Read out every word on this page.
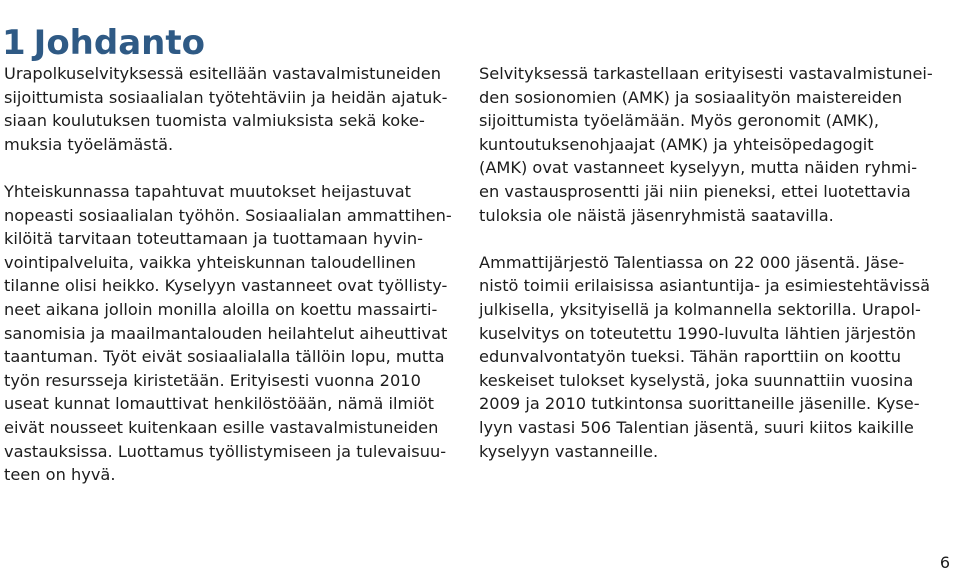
1 Johdanto
Urapolkuselvityksessä esitellään vastavalmistuneiden
sijoittumista sosiaalialan työtehtäviin ja heidän ajatuk-
siaan koulutuksen tuomista valmiuksista sekä koke-
muksia työelämästä.
Yhteiskunnassa tapahtuvat muutokset heijastuvat
nopeasti sosiaalialan työhön. Sosiaalialan ammattihen-
kilöitä tarvitaan toteuttamaan ja tuottamaan hyvin-
vointipalveluita, vaikka yhteiskunnan taloudellinen
tilanne olisi heikko. Kyselyyn vastanneet ovat työllisty-
neet aikana jolloin monilla aloilla on koettu massairti-
sanomisia ja maailmantalouden heilahtelut aiheuttivat
taantuman. Työt eivät sosiaalialalla tällöin lopu, mutta
työn resursseja kiristetään. Erityisesti vuonna 2010
useat kunnat lomauttivat henkilöstöään, nämä ilmiöt
eivät nousseet kuitenkaan esille vastavalmistuneiden
vastauksissa. Luottamus työllistymiseen ja tulevaisuu-
teen on hyvä.
Selvityksessä tarkastellaan erityisesti vastavalmistunei-
den sosionomien (AMK) ja sosiaalityön maistereiden
sijoittumista työelämään. Myös geronomit (AMK),
kuntoutuksenohjaajat (AMK) ja yhteisöpedagogit
(AMK) ovat vastanneet kyselyyn, mutta näiden ryhmi-
en vastausprosentti jäi niin pieneksi, ettei luotettavia
tuloksia ole näistä jäsenryhmistä saatavilla.
Ammattijärjestö Talentiassa on 22 000 jäsentä. Jäse-
nistö toimii erilaisissa asiantuntija- ja esimiestehtävissä
julkisella, yksityisellä ja kolmannella sektorilla. Urapol-
kuselvitys on toteutettu 1990-luvulta lähtien järjestön
edunvalvontatyön tueksi. Tähän raporttiin on koottu
keskeiset tulokset kyselystä, joka suunnattiin vuosina
2009 ja 2010 tutkintonsa suorittaneille jäsenille. Kyse-
lyyn vastasi 506 Talentian jäsentä, suuri kiitos kaikille
kyselyyn vastanneille.
6
